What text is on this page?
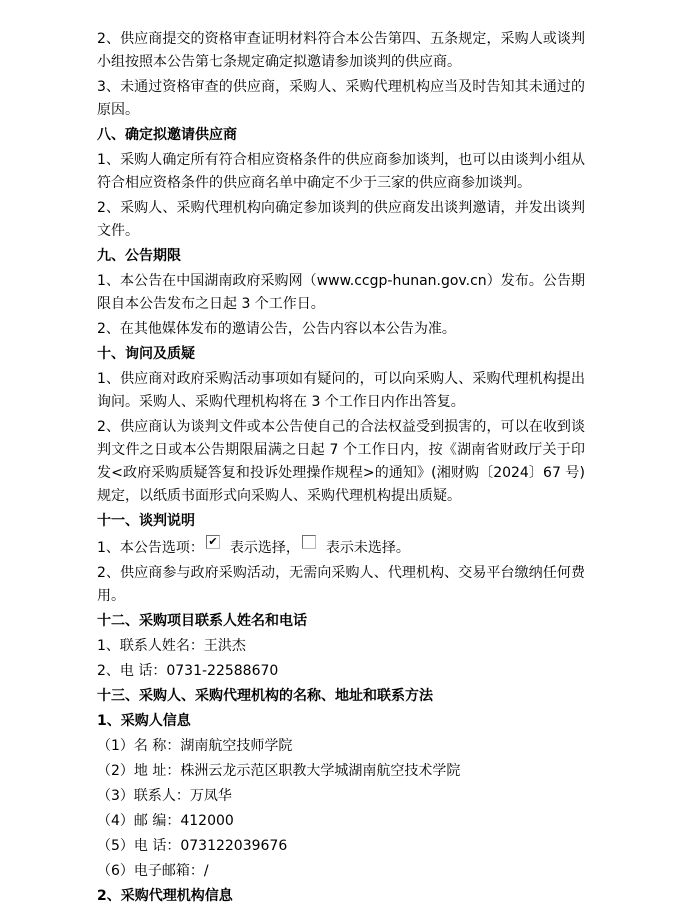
2、供应商提交的资格审查证明材料符合本公告第四、五条规定，采购人或谈判小组按照本公告第七条规定确定拟邀请参加谈判的供应商。

3、未通过资格审查的供应商，采购人、采购代理机构应当及时告知其未通过的原因。

八、确定拟邀请供应商

1、采购人确定所有符合相应资格条件的供应商参加谈判，也可以由谈判小组从符合相应资格条件的供应商名单中确定不少于三家的供应商参加谈判。

2、采购人、采购代理机构向确定参加谈判的供应商发出谈判邀请，并发出谈判文件。

九、公告期限

1、本公告在中国湖南政府采购网（www.ccgp-hunan.gov.cn）发布。公告期限自本公告发布之日起 3 个工作日。

2、在其他媒体发布的邀请公告，公告内容以本公告为准。

十、询问及质疑

1、供应商对政府采购活动事项如有疑问的，可以向采购人、采购代理机构提出询问。采购人、采购代理机构将在 3 个工作日内作出答复。

2、供应商认为谈判文件或本公告使自己的合法权益受到损害的，可以在收到谈判文件之日或本公告期限届满之日起 7 个工作日内，按《湖南省财政厅关于印发<政府采购质疑答复和投诉处理操作规程>的通知》(湘财购〔2024〕67 号)规定，以纸质书面形式向采购人、采购代理机构提出质疑。

十一、谈判说明

1、本公告选项： ✔ 表示选择， 表示未选择。

2、供应商参与政府采购活动，无需向采购人、代理机构、交易平台缴纳任何费用。

十二、采购项目联系人姓名和电话

1、联系人姓名：王洪杰

2、电 话：0731-22588670

十三、采购人、采购代理机构的名称、地址和联系方法

1、采购人信息

（1）名 称：湖南航空技师学院

（2）地 址：株洲云龙示范区职教大学城湖南航空技术学院

（3）联系人：万凤华

（4）邮 编：412000

（5）电 话：073122039676

（6）电子邮箱：/

2、采购代理机构信息
